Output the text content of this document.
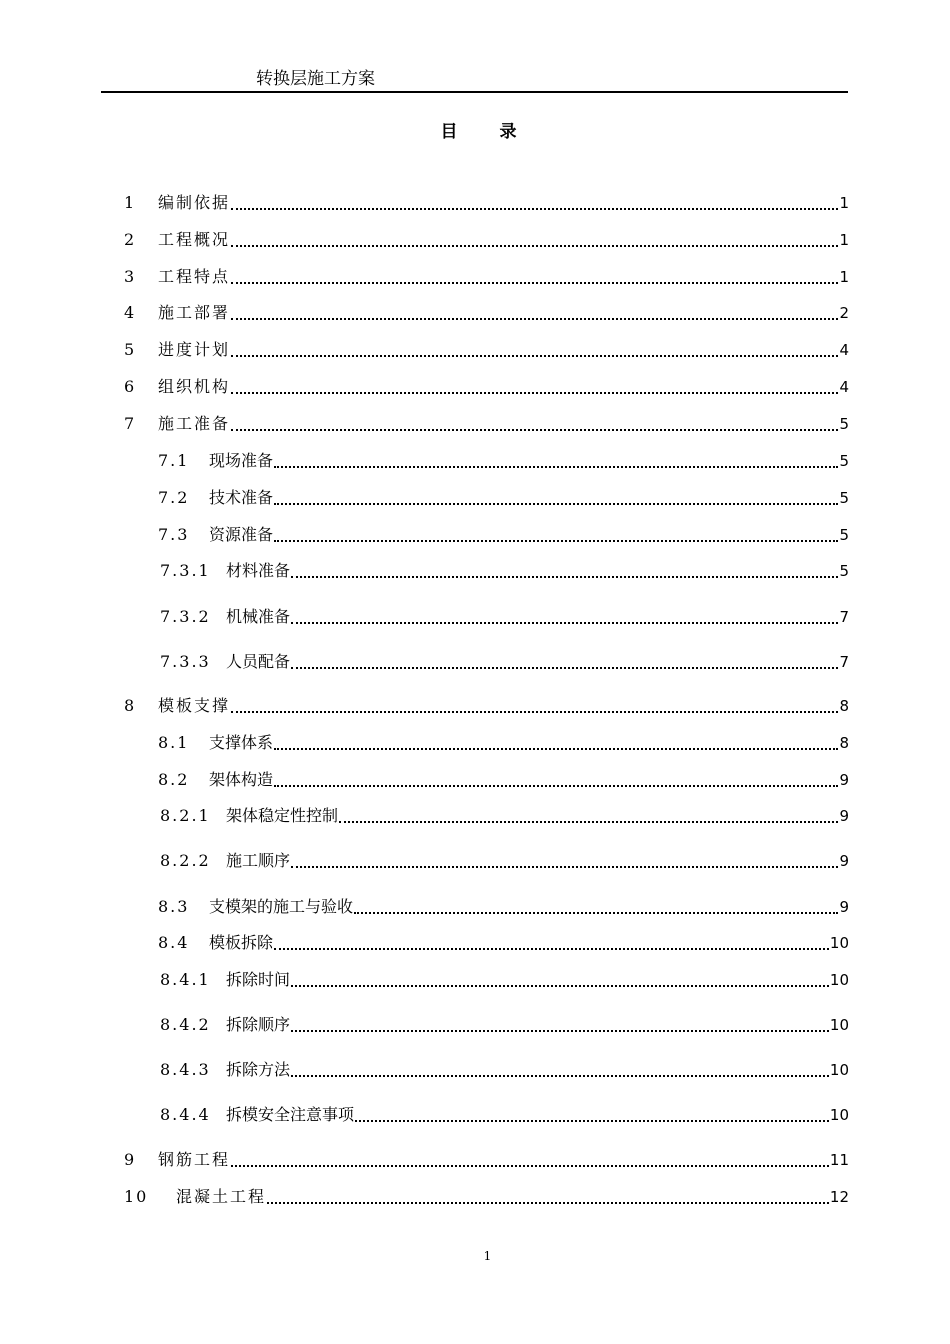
转换层施工方案
目 录
1 编制依据	1
2 工程概况	1
3 工程特点	1
4 施工部署	2
5 进度计划	4
6 组织机构	4
7 施工准备	5
7.1 现场准备	5
7.2 技术准备	5
7.3 资源准备	5
7.3.1 材料准备	5
7.3.2 机械准备	7
7.3.3 人员配备	7
8 模板支撑	8
8.1 支撑体系	8
8.2 架体构造	9
8.2.1 架体稳定性控制	9
8.2.2 施工顺序	9
8.3 支模架的施工与验收	9
8.4 模板拆除	10
8.4.1 拆除时间	10
8.4.2 拆除顺序	10
8.4.3 拆除方法	10
8.4.4 拆模安全注意事项	10
9 钢筋工程	11
10 混凝土工程	12
1
